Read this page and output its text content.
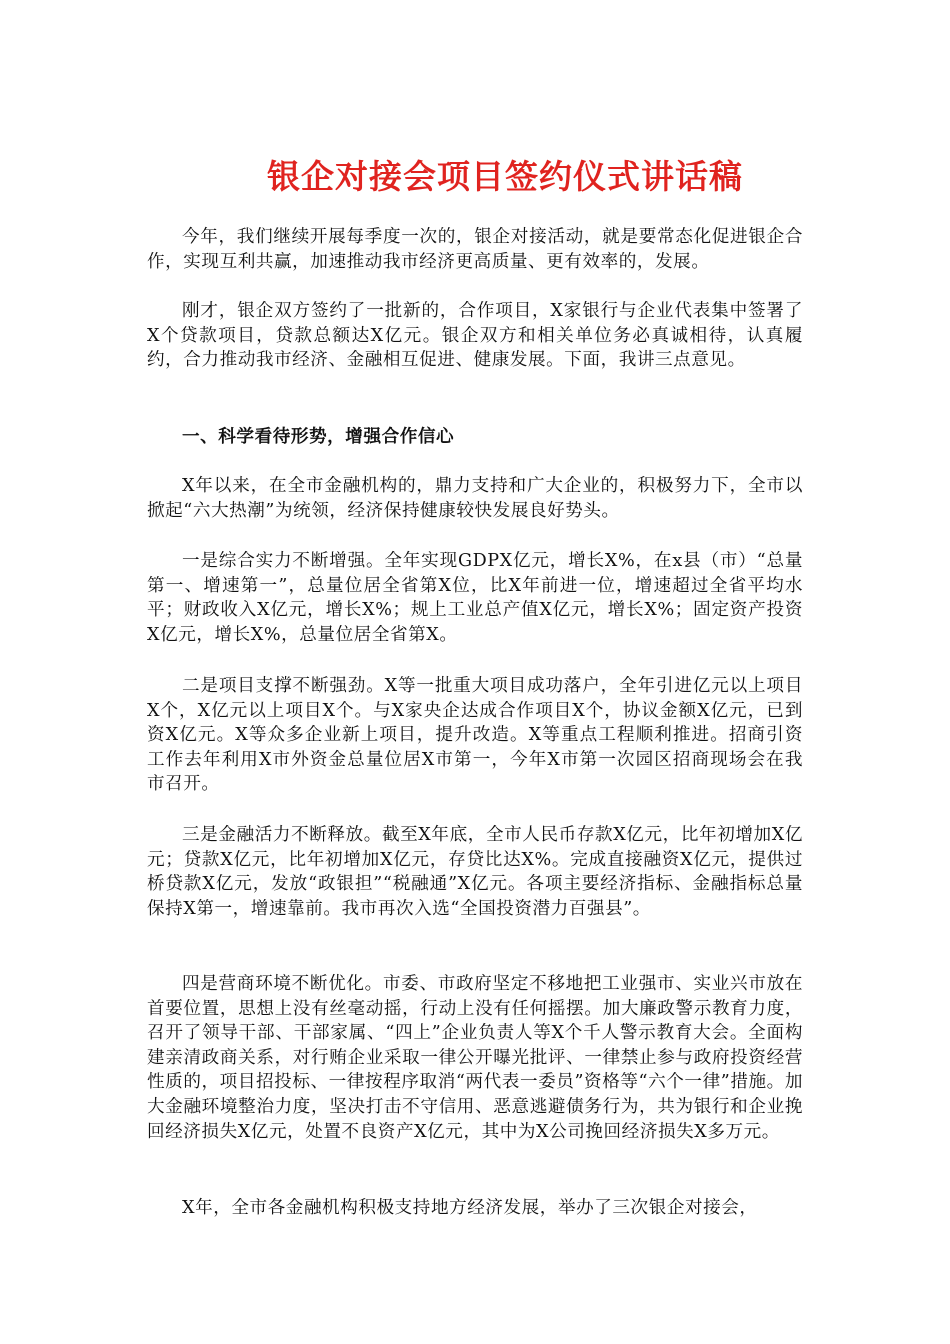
银企对接会项目签约仪式讲话稿

今年，我们继续开展每季度一次的，银企对接活动，就是要常态化促进银企合作，实现互利共赢，加速推动我市经济更高质量、更有效率的，发展。

刚才，银企双方签约了一批新的，合作项目，X家银行与企业代表集中签署了X个贷款项目，贷款总额达X亿元。银企双方和相关单位务必真诚相待，认真履约，合力推动我市经济、金融相互促进、健康发展。下面，我讲三点意见。

一、科学看待形势，增强合作信心

X年以来，在全市金融机构的，鼎力支持和广大企业的，积极努力下，全市以掀起“六大热潮”为统领，经济保持健康较快发展良好势头。

一是综合实力不断增强。全年实现GDPX亿元，增长X%，在x县（市）“总量第一、增速第一”，总量位居全省第X位，比X年前进一位，增速超过全省平均水平；财政收入X亿元，增长X%；规上工业总产值X亿元，增长X%；固定资产投资X亿元，增长X%，总量位居全省第X。

二是项目支撑不断强劲。X等一批重大项目成功落户，全年引进亿元以上项目X个，X亿元以上项目X个。与X家央企达成合作项目X个，协议金额X亿元，已到资X亿元。X等众多企业新上项目，提升改造。X等重点工程顺利推进。招商引资工作去年利用X市外资金总量位居X市第一，今年X市第一次园区招商现场会在我市召开。

三是金融活力不断释放。截至X年底，全市人民币存款X亿元，比年初增加X亿元；贷款X亿元，比年初增加X亿元，存贷比达X%。完成直接融资X亿元，提供过桥贷款X亿元，发放“政银担”“税融通”X亿元。各项主要经济指标、金融指标总量保持X第一，增速靠前。我市再次入选“全国投资潜力百强县”。

四是营商环境不断优化。市委、市政府坚定不移地把工业强市、实业兴市放在首要位置，思想上没有丝毫动摇，行动上没有任何摇摆。加大廉政警示教育力度，召开了领导干部、干部家属、“四上”企业负责人等X个千人警示教育大会。全面构建亲清政商关系，对行贿企业采取一律公开曝光批评、一律禁止参与政府投资经营性质的，项目招投标、一律按程序取消“两代表一委员”资格等“六个一律”措施。加大金融环境整治力度，坚决打击不守信用、恶意逃避债务行为，共为银行和企业挽回经济损失X亿元，处置不良资产X亿元，其中为X公司挽回经济损失X多万元。

X年，全市各金融机构积极支持地方经济发展，举办了三次银企对接会，
